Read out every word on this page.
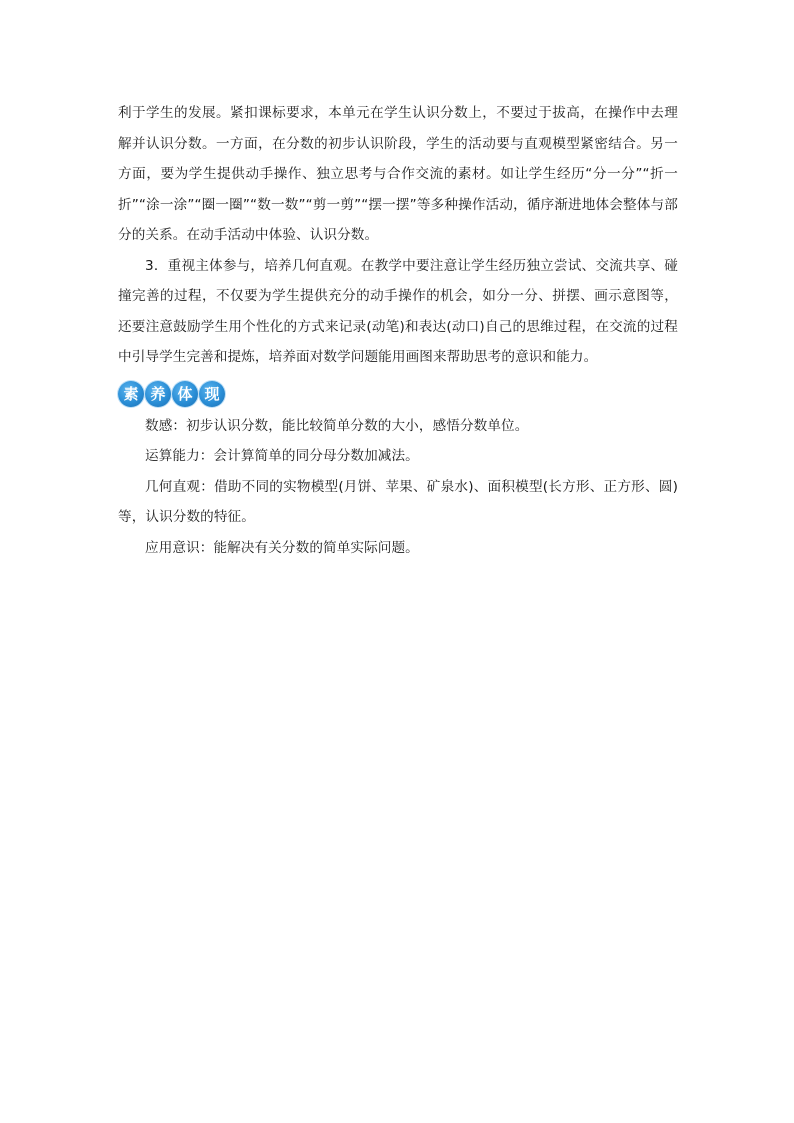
利于学生的发展。紧扣课标要求，本单元在学生认识分数上，不要过于拔高，在操作中去理解并认识分数。一方面，在分数的初步认识阶段，学生的活动要与直观模型紧密结合。另一方面，要为学生提供动手操作、独立思考与合作交流的素材。如让学生经历“分一分”“折一折”“涂一涂”“圈一圈”“数一数”“剪一剪”“摆一摆”等多种操作活动，循序渐进地体会整体与部分的关系。在动手活动中体验、认识分数。

3．重视主体参与，培养几何直观。在教学中要注意让学生经历独立尝试、交流共享、碰撞完善的过程，不仅要为学生提供充分的动手操作的机会，如分一分、拼摆、画示意图等，还要注意鼓励学生用个性化的方式来记录(动笔)和表达(动口)自己的思维过程，在交流的过程中引导学生完善和提炼，培养面对数学问题能用画图来帮助思考的意识和能力。

素 养 体 现

数感：初步认识分数，能比较简单分数的大小，感悟分数单位。

运算能力：会计算简单的同分母分数加减法。

几何直观：借助不同的实物模型(月饼、苹果、矿泉水)、面积模型(长方形、正方形、圆)等，认识分数的特征。

应用意识：能解决有关分数的简单实际问题。
